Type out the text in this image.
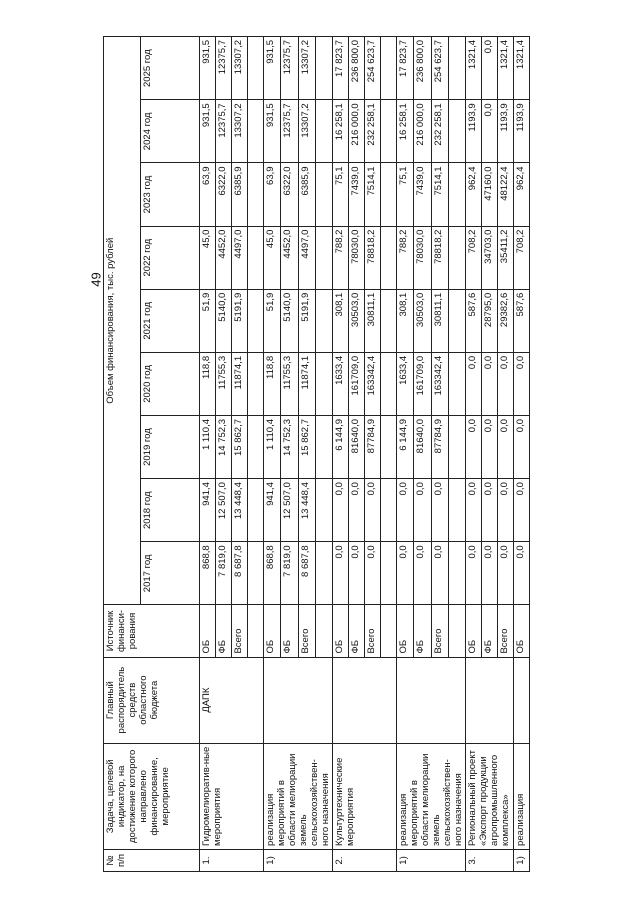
49
№ п/п	Задача, целевой индикатор, на достижение которого направлено финансирование, мероприятие	Главный распорядитель средств областного бюджета	Источник финанси-рования	Объем финансирования, тыс. рублей								
				2017 год	2018 год	2019 год	2020 год	2021 год	2022 год	2023 год	2024 год	2025 год
1.	Гидромелиоратив-ные мероприятия	ДАПК	ОБ	868,8	941,4	1 110,4	118,8	51,9	45,0	63,9	931,5	931,5
			ФБ	7 819,0	12 507,0	14 752,3	11755,3	5140,0	4452,0	6322,0	12375,7	12375,7
			Всего	8 687,8	13 448,4	15 862,7	11874,1	5191,9	4497,0	6385,9	13307,2	13307,2

1)	реализация мероприятий в области мелиорации земель сельскохозяйствен-ного назначения		ОБ	868,8	941,4	1 110,4	118,8	51,9	45,0	63,9	931,5	931,5
			ФБ	7 819,0	12 507,0	14 752,3	11755,3	5140,0	4452,0	6322,0	12375,7	12375,7
			Всего	8 687,8	13 448,4	15 862,7	11874,1	5191,9	4497,0	6385,9	13307,2	13307,2

2.	Культуртехнические мероприятия		ОБ	0,0	0,0	6 144,9	1633,4	308,1	788,2	75,1	16 258,1	17 823,7
			ФБ	0,0	0,0	81640,0	161709,0	30503,0	78030,0	7439,0	216 000,0	236 800,0
			Всего	0,0	0,0	87784,9	163342,4	30811,1	78818,2	7514,1	232 258,1	254 623,7

1)	реализация мероприятий в области мелиорации земель сельскохозяйствен-ного назначения		ОБ	0,0	0,0	6 144,9	1633,4	308,1	788,2	75,1	16 258,1	17 823,7
			ФБ	0,0	0,0	81640,0	161709,0	30503,0	78030,0	7439,0	216 000,0	236 800,0
			Всего	0,0	0,0	87784,9	163342,4	30811,1	78818,2	7514,1	232 258,1	254 623,7

3.	Региональный проект «Экспорт продукции агропромышленного комплекса»		ОБ	0,0	0,0	0,0	0,0	587,6	708,2	962,4	1193,9	1321,4
			ФБ	0,0	0,0	0,0	0,0	28795,0	34703,0	47160,0	0,0	0,0
			Всего	0,0	0,0	0,0	0,0	29382,6	35411,2	48122,4	1193,9	1321,4
1)	реализация		ОБ	0,0	0,0	0,0	0,0	587,6	708,2	962,4	1193,9	1321,4
